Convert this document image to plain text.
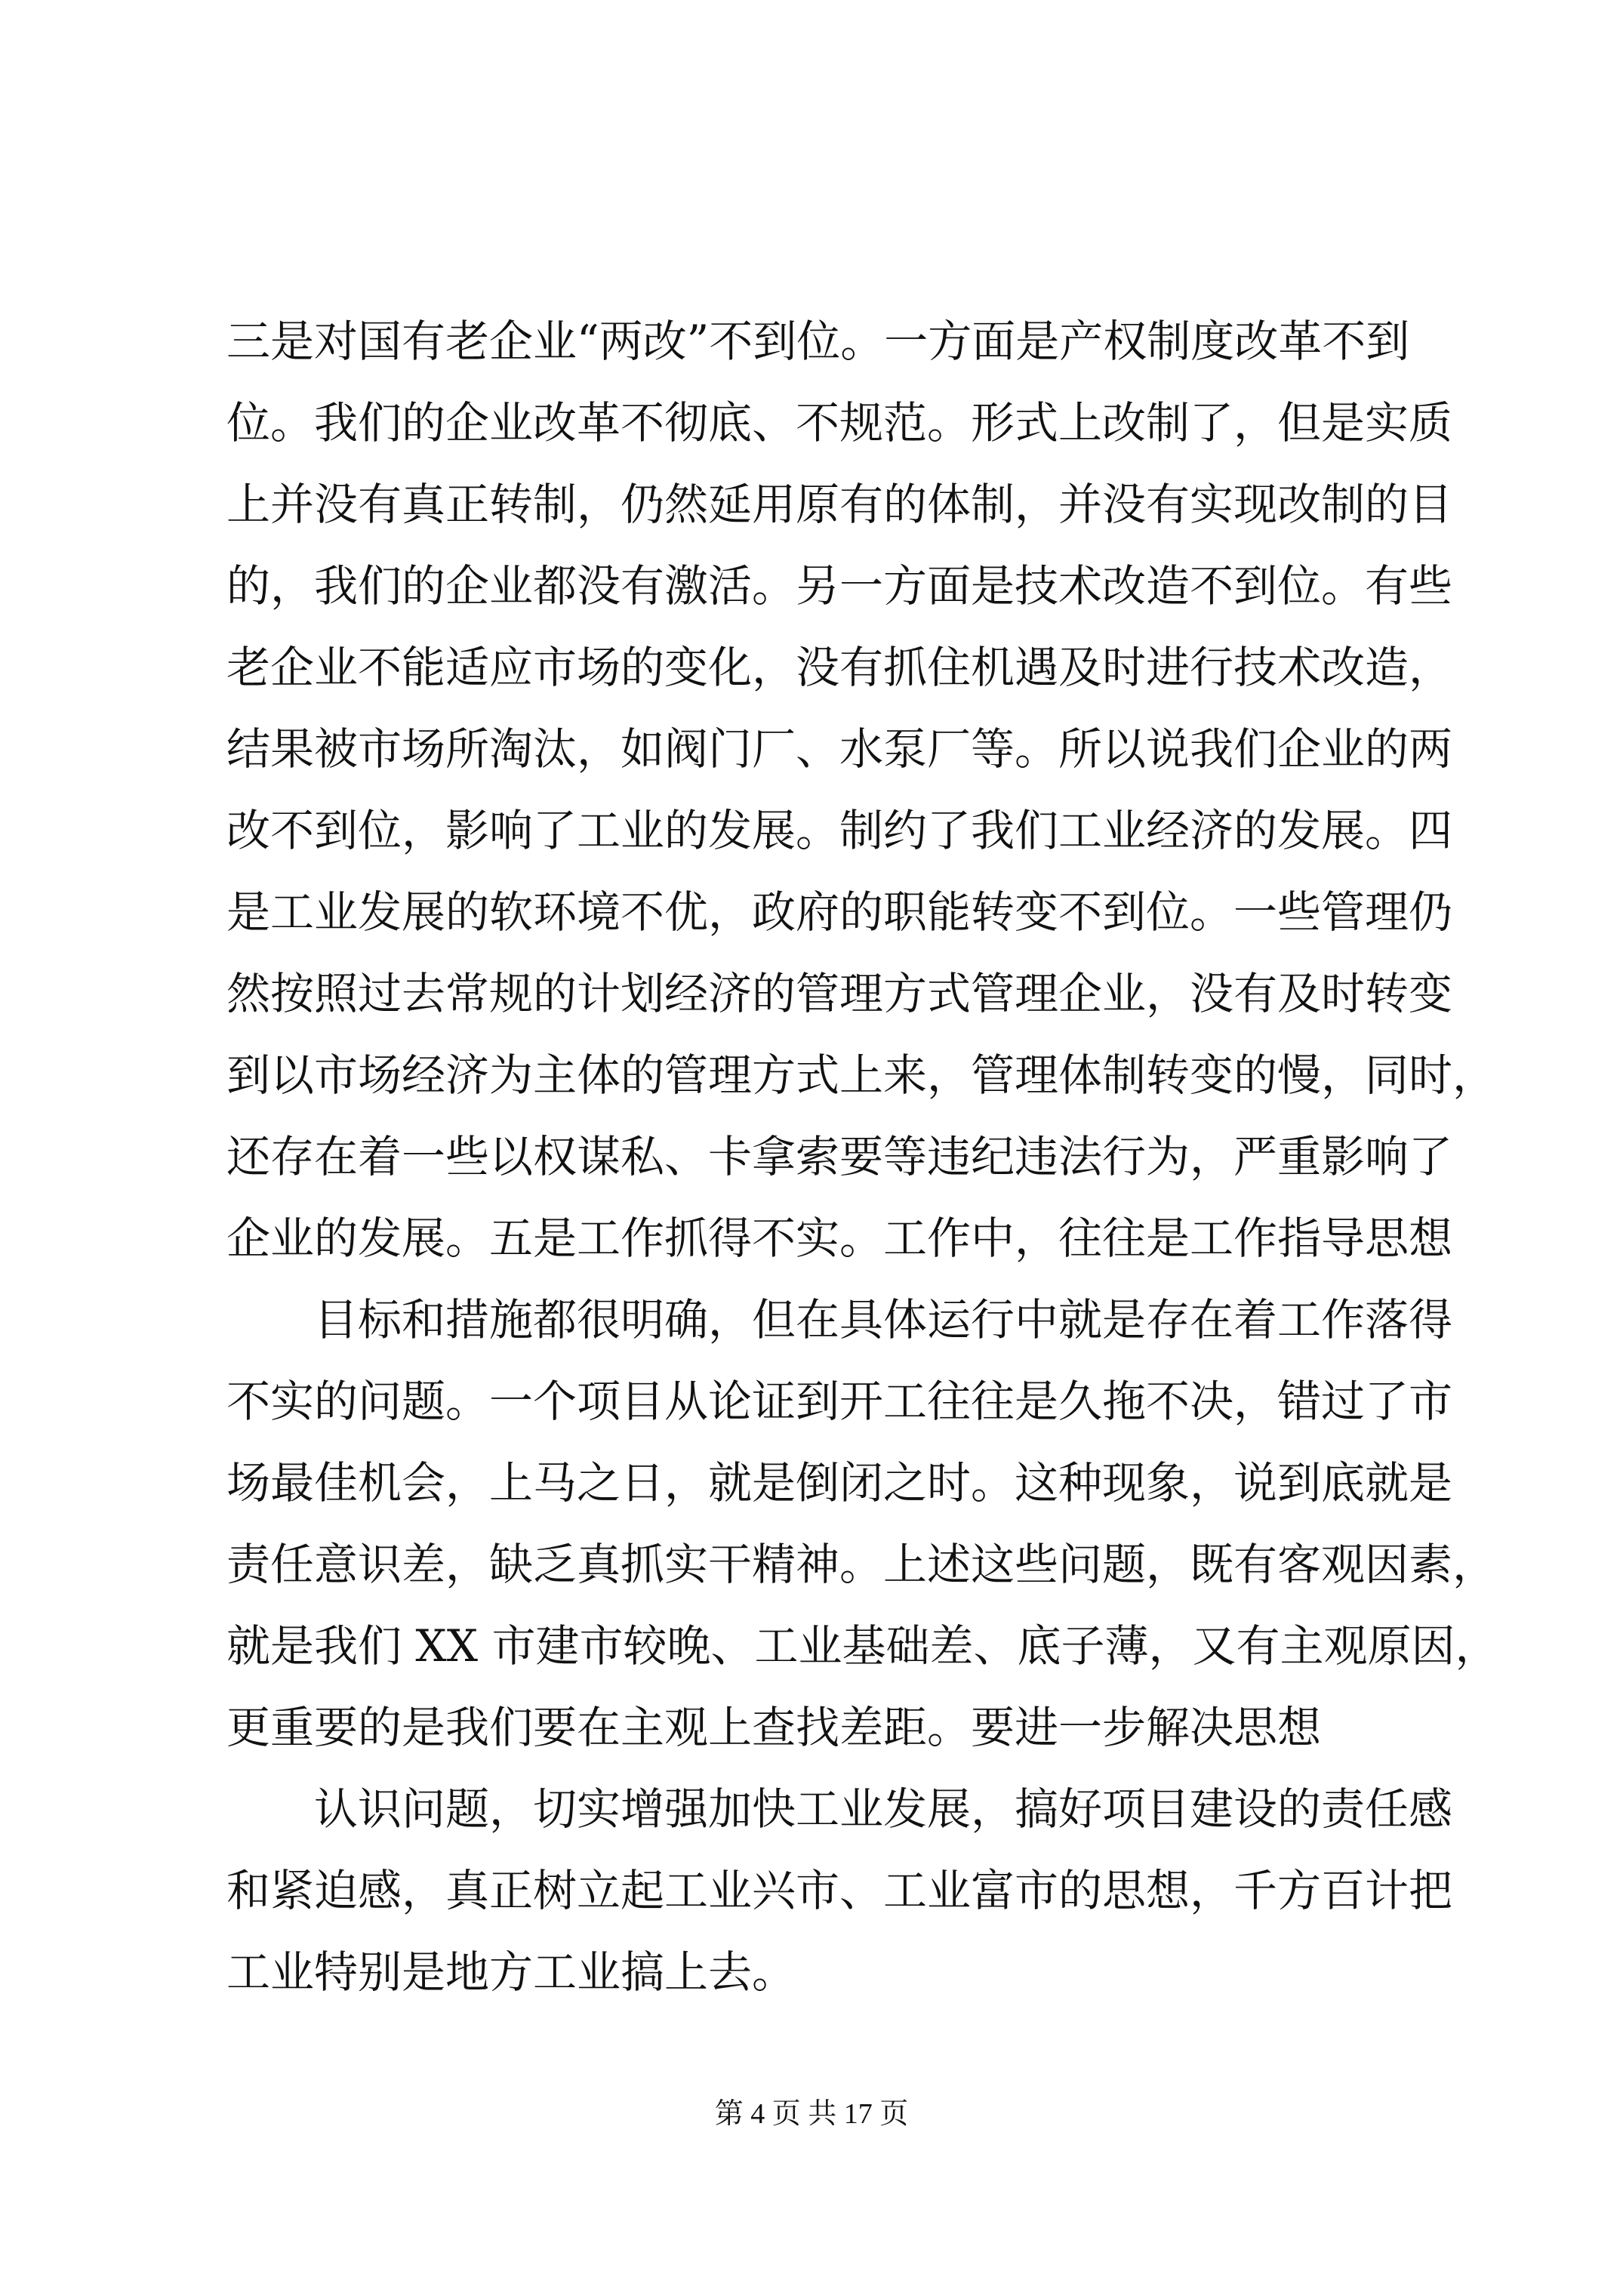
三是对国有老企业“两改”不到位。一方面是产权制度改革不到
位。我们的企业改革不彻底、不规范。形式上改制了，但是实质
上并没有真正转制，仍然延用原有的体制，并没有实现改制的目
的，我们的企业都没有激活。另一方面是技术改造不到位。有些
老企业不能适应市场的变化，没有抓住机遇及时进行技术改造，
结果被市场所淘汰，如阀门厂、水泵厂等。所以说我们企业的两
改不到位，影响了工业的发展。制约了我们工业经济的发展。四
是工业发展的软环境不优，政府的职能转变不到位。一些管理仍
然按照过去常规的计划经济的管理方式管理企业，没有及时转变
到以市场经济为主体的管理方式上来，管理体制转变的慢，同时，
还存在着一些以权谋私、卡拿索要等违纪违法行为，严重影响了
企业的发展。五是工作抓得不实。工作中，往往是工作指导思想
目标和措施都很明确，但在具体运行中就是存在着工作落得
不实的问题。一个项目从论证到开工往往是久拖不决，错过了市
场最佳机会，上马之日，就是倒闭之时。这种现象，说到底就是
责任意识差，缺乏真抓实干精神。上述这些问题，既有客观因素，
就是我们 XX 市建市较晚、工业基础差、底子薄，又有主观原因，
更重要的是我们要在主观上查找差距。要进一步解决思想
认识问题，切实增强加快工业发展，搞好项目建设的责任感
和紧迫感，真正树立起工业兴市、工业富市的思想，千方百计把
工业特别是地方工业搞上去。
第 4 页 共 17 页
